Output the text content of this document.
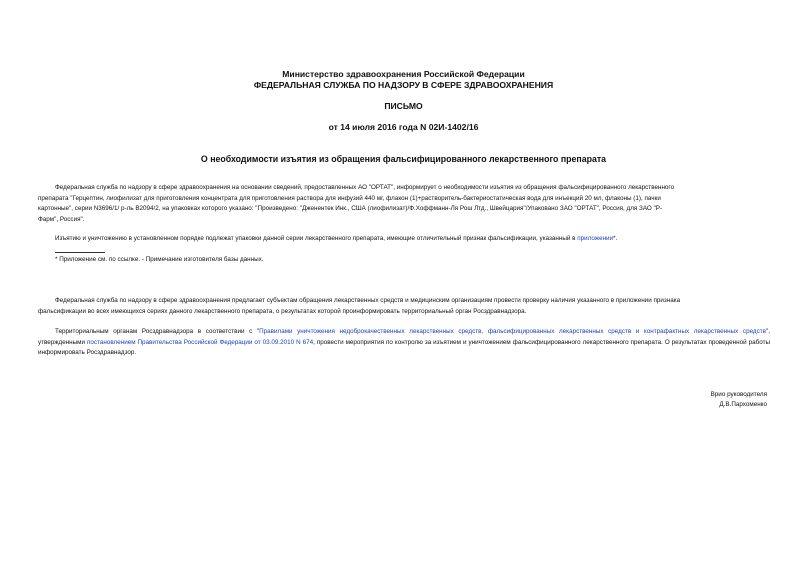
Министерство здравоохранения Российской Федерации
ФЕДЕРАЛЬНАЯ СЛУЖБА ПО НАДЗОРУ В СФЕРЕ ЗДРАВООХРАНЕНИЯ
ПИСЬМО
от 14 июля 2016 года N 02И-1402/16
О необходимости изъятия из обращения фальсифицированного лекарственного препарата
Федеральная служба по надзору в сфере здравоохранения на основании сведений, предоставленных АО "ОРТАТ", информирует о необходимости изъятия из обращения фальсифицированного лекарственного
препарата "Герцептин, лиофилизат для приготовления концентрата для приготовления раствора для инфузий 440 мг, флакон (1)+растворитель-бактериостатическая вода для инъекций 20 мл, флаконы (1), пачки
картонные", серии N3696/1/ р-ль В2094/2, на упаковках которого указано: "Произведено: "Дженентек Инк., США (лиофилизат)/Ф.Хоффманн-Ля Рош Лтд., Швейцария"/Упаковано ЗАО "ОРТАТ", Россия, для ЗАО "Р-
Фарм", Россия".
Изъятию и уничтожению в установленном порядке подлежат упаковки данной серии лекарственного препарата, имеющие отличительный признак фальсификации, указанный в приложении*.
* Приложение см. по ссылке. - Примечание изготовителя базы данных.
Федеральная служба по надзору в сфере здравоохранения предлагает субъектам обращения лекарственных средств и медицинским организациям провести проверку наличия указанного в приложении признака
фальсификации во всех имеющихся сериях данного лекарственного препарата, о результатах которой проинформировать территориальный орган Росздравнадзора.
Территориальным органам Росздравнадзора в соответствии с "Правилами уничтожения недоброкачественных лекарственных средств, фальсифицированных лекарственных средств и контрафактных лекарственных средств", утвержденными постановлением Правительства Российской Федерации от 03.09.2010 N 674, провести мероприятия по контролю за изъятием и уничтожением фальсифицированного лекарственного препарата. О результатах проведенной работы информировать Росздравнадзор.
Врио руководителя
Д.В.Пархоменко
